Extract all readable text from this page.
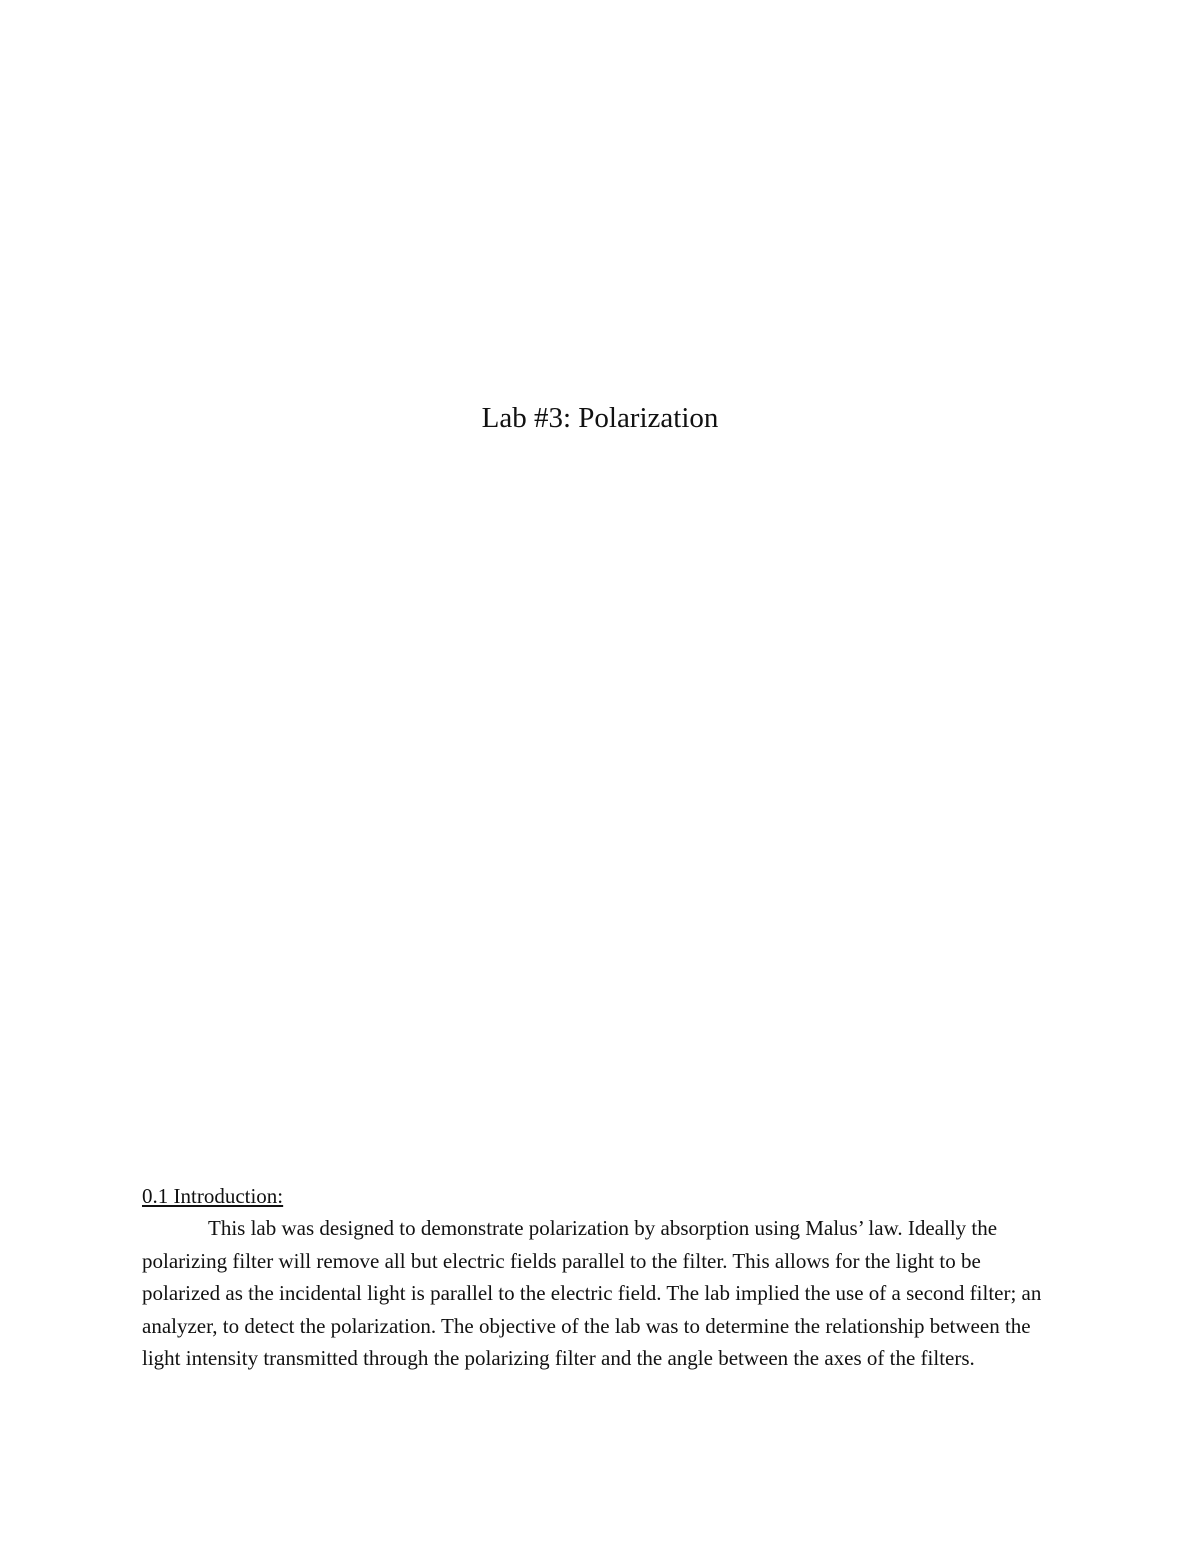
Lab #3: Polarization
0.1 Introduction:

This lab was designed to demonstrate polarization by absorption using Malus’ law. Ideally the polarizing filter will remove all but electric fields parallel to the filter. This allows for the light to be polarized as the incidental light is parallel to the electric field. The lab implied the use of a second filter; an analyzer, to detect the polarization. The objective of the lab was to determine the relationship between the light intensity transmitted through the polarizing filter and the angle between the axes of the filters.
